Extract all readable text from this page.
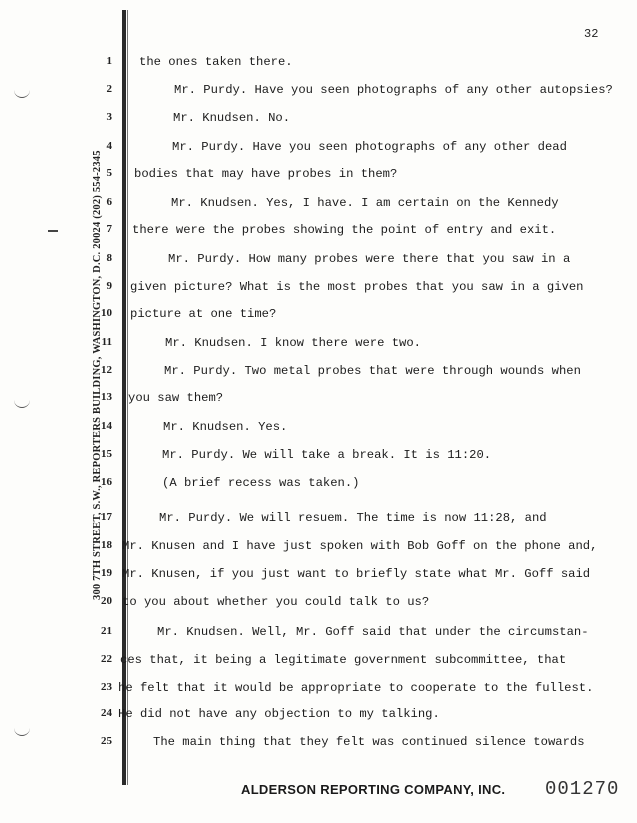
32
300 7TH STREET, S.W., REPORTERS BUILDING, WASHINGTON, D.C. 20024 (202) 554-2345
1 the ones taken there.
2	Mr. Purdy. Have you seen photographs of any other autopsies?
3	Mr. Knudsen. No.
4	Mr. Purdy. Have you seen photographs of any other dead
5 bodies that may have probes in them?
6	Mr. Knudsen. Yes, I have. I am certain on the Kennedy
7 there were the probes showing the point of entry and exit.
8	Mr. Purdy. How many probes were there that you saw in a
9 given picture? What is the most probes that you saw in a given
10 picture at one time?
11	Mr. Knudsen. I know there were two.
12	Mr. Purdy. Two metal probes that were through wounds when
13 you saw them?
14	Mr. Knudsen. Yes.
15	Mr. Purdy. We will take a break. It is 11:20.
16	(A brief recess was taken.)
17	Mr. Purdy. We will resuem. The time is now 11:28, and
18 Mr. Knusen and I have just spoken with Bob Goff on the phone and,
19 Mr. Knusen, if you just want to briefly state what Mr. Goff said
20 to you about whether you could talk to us?
21	Mr. Knudsen. Well, Mr. Goff said that under the circumstan-
22 ces that, it being a legitimate government subcommittee, that
23 he felt that it would be appropriate to cooperate to the fullest.
24 He did not have any objection to my talking.
25	The main thing that they felt was continued silence towards
ALDERSON REPORTING COMPANY, INC. 001270
